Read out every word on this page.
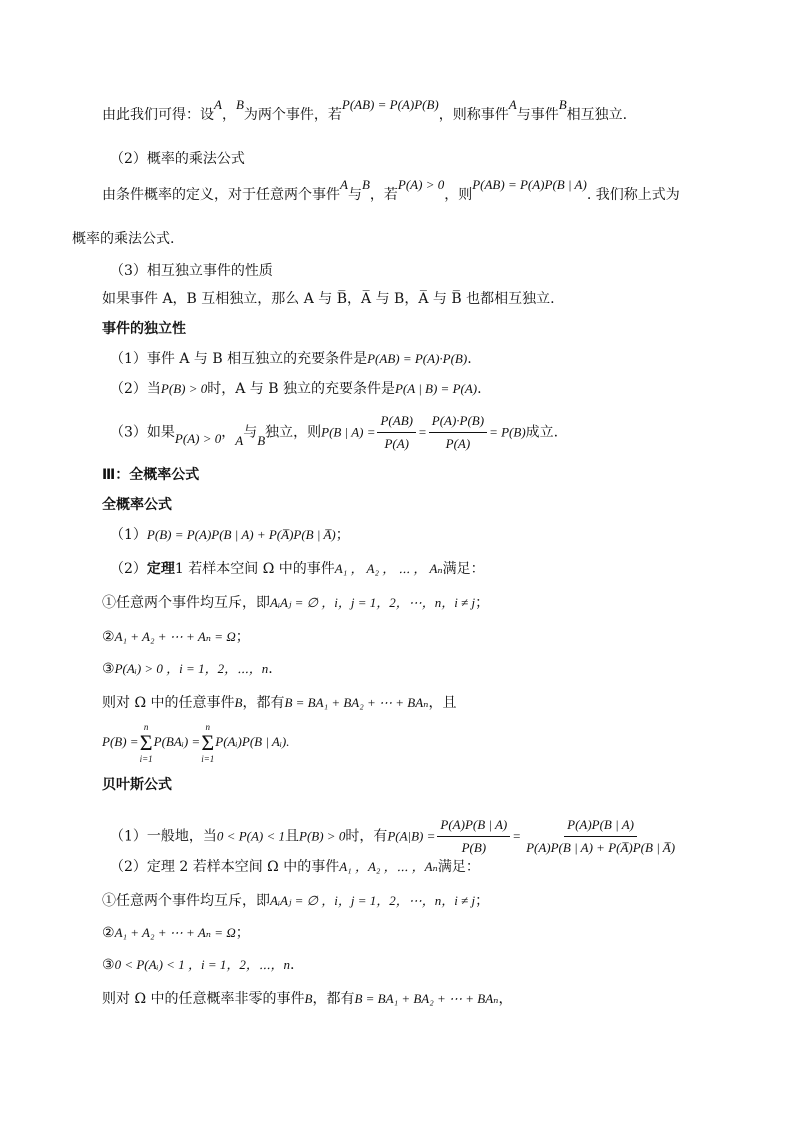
由此我们可得：设A，B为两个事件，若P(AB) = P(A)P(B)，则称事件A与事件B相互独立.
（2）概率的乘法公式
由条件概率的定义，对于任意两个事件A与B，若P(A) > 0，则P(AB) = P(A)P(B | A). 我们称上式为
概率的乘法公式.
（3）相互独立事件的性质
如果事件 A，B 互相独立，那么 A 与 B̅，A̅ 与 B，A̅ 与 B̅ 也都相互独立.
事件的独立性
（1）事件 A 与 B 相互独立的充要条件是P(AB) = P(A)·P(B).
（2）当P(B) > 0时，A 与 B 独立的充要条件是P(A | B) = P(A).
（3）如果P(A) > 0，A与B独立，则P(B | $A) = \frac{P(AB)}{P(A)} = \frac{P(A)\cdot P(B)}{P(A)} = P(B)$成立.
Ⅲ：全概率公式
全概率公式
（1）P(B) = P(A)P(B | A) + P(A̅)P(B | A̅)；
（2）定理1 若样本空间 Ω 中的事件A₁ ， A₂ ， ⋯ ， Aₙ满足：
①任意两个事件均互斥，即AᵢAⱼ = ∅ ，i，j = 1，2，⋯，n，i ≠ j；
②A₁ + A₂ + ⋯ + Aₙ = Ω；
③P(Aᵢ) > 0 ，i = 1，2，⋯，n.
则对 Ω 中的任意事件B，都有B = BA₁ + BA₂ + ⋯ + BAₙ，且
P(B) =
n
Σ
i=1
P(BAᵢ) =
n
Σ
i=1
P(Aᵢ)P(B | Aᵢ).
贝叶斯公式
（1）一般地，当0 < P(A) < 1且P(B) > 0时，有$P(A|B) = \frac{P(A)P(B | A)}{P(B)} = \frac{P(A)P(B | A)}{P(A)P(B | A) + P(A̅)P(B | A̅)}$
（2）定理 2 若样本空间 Ω 中的事件A₁ ，A₂ ，⋯ ，Aₙ满足：
①任意两个事件均互斥，即AᵢAⱼ = ∅ ，i，j = 1，2，⋯，n，i ≠ j；
②A₁ + A₂ + ⋯ + Aₙ = Ω；
③0 < P(Aᵢ) < 1 ，i = 1，2，⋯，n.
则对 Ω 中的任意概率非零的事件B，都有B = BA₁ + BA₂ + ⋯ + BAₙ，
